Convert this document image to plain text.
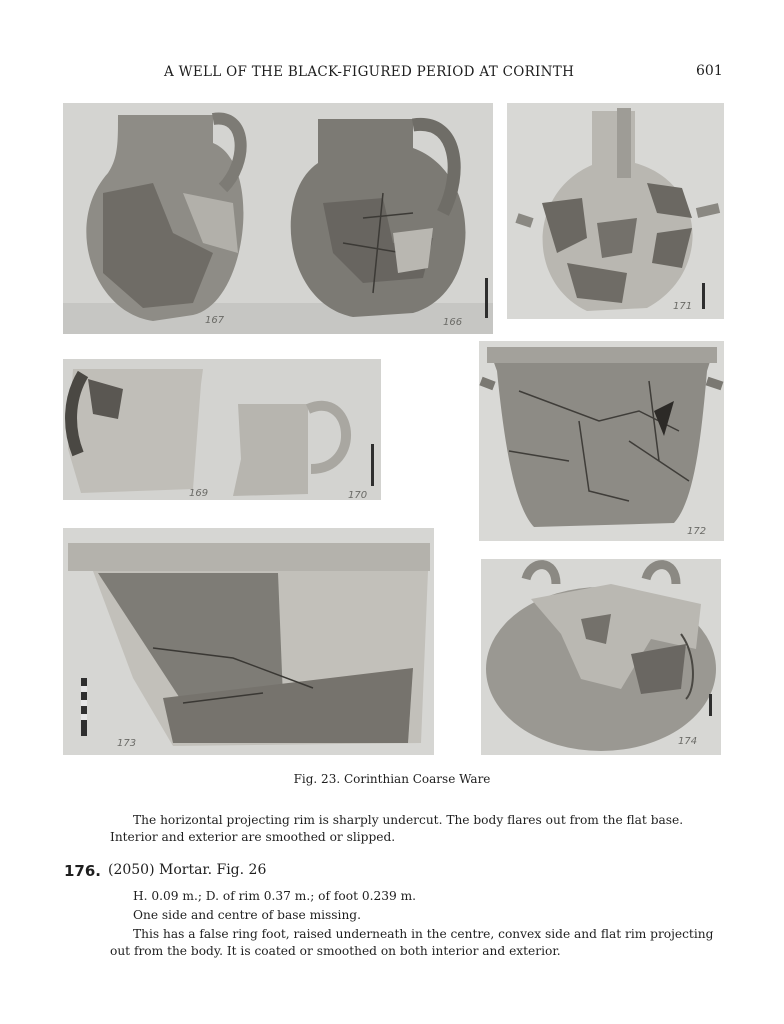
A WELL OF THE BLACK-FIGURED PERIOD AT CORINTH	601
167	166
171
169	170
172
173	174
Fig. 23. Corinthian Coarse Ware
The horizontal projecting rim is sharply undercut. The body flares out from the flat base.
Interior and exterior are smoothed or slipped.
176. (2050) Mortar. Fig. 26
H. 0.09 m.; D. of rim 0.37 m.; of foot 0.239 m.
One side and centre of base missing.
This has a false ring foot, raised underneath in the centre, convex side and flat rim projecting
out from the body. It is coated or smoothed on both interior and exterior.
